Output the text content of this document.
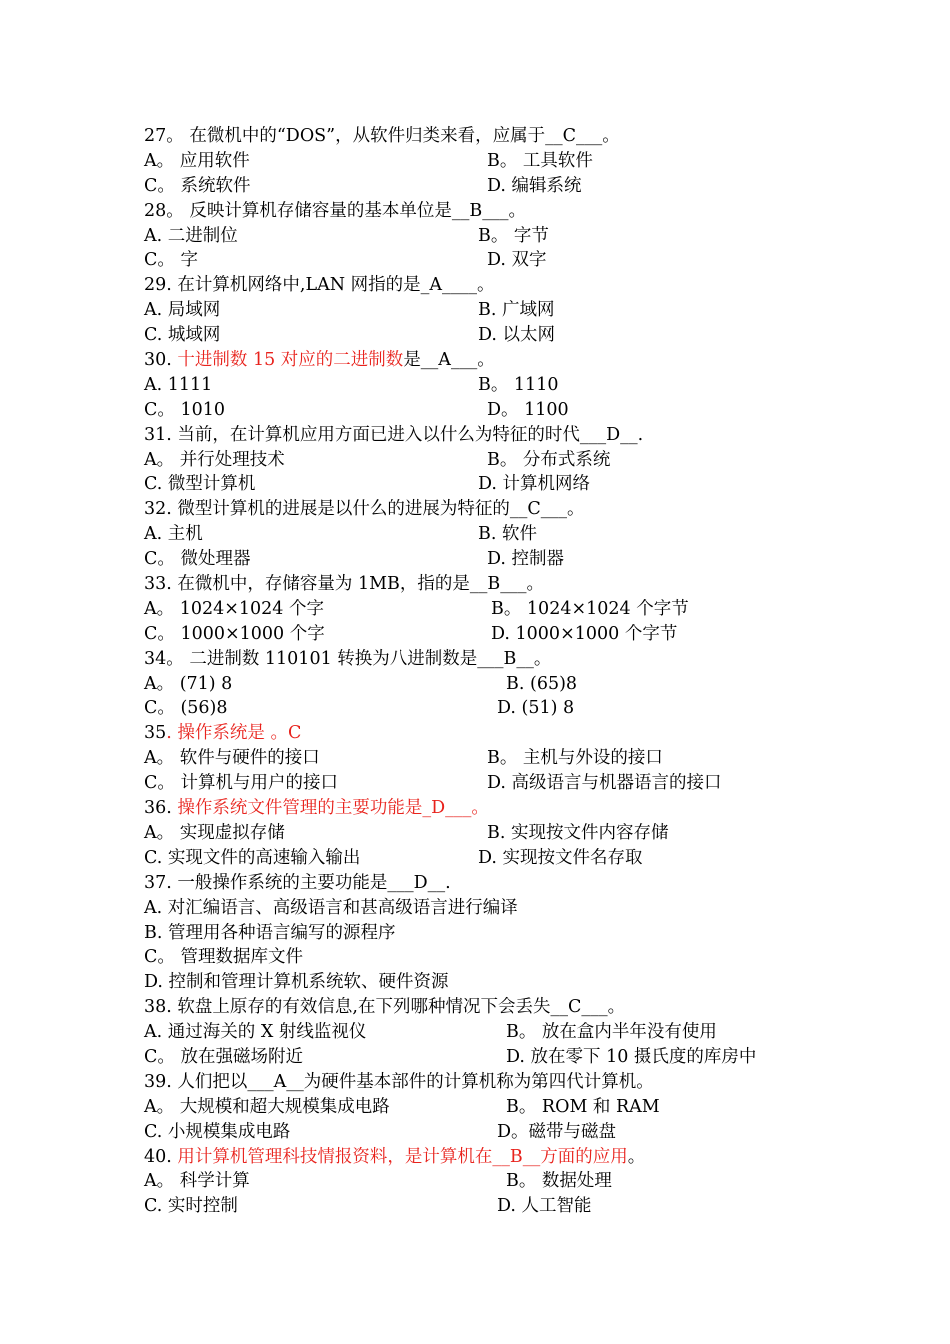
27。 在微机中的“DOS”，从软件归类来看，应属于__C___。
A。 应用软件	B。 工具软件
C。 系统软件	D. 编辑系统
28。 反映计算机存储容量的基本单位是__B___。
A. 二进制位	B。 字节
C。 字	D. 双字
29. 在计算机网络中,LAN 网指的是_A____。
A. 局域网	B. 广域网
C. 城域网	D. 以太网
30. 十进制数 15 对应的二进制数是__A___。
A. 1111	B。 1110
C。 1010	D。 1100
31. 当前，在计算机应用方面已进入以什么为特征的时代___D__.
A。 并行处理技术	B。 分布式系统
C. 微型计算机	D. 计算机网络
32. 微型计算机的进展是以什么的进展为特征的__C___。
A. 主机	B. 软件
C。 微处理器	D. 控制器
33. 在微机中，存储容量为 1MB，指的是__B___。
A。 1024×1024 个字	B。 1024×1024 个字节
C。 1000×1000 个字	D. 1000×1000 个字节
34。 二进制数 110101 转换为八进制数是___B__。
A。 (71) 8	B. (65)8
C。 (56)8	D. (51) 8
35. 操作系统是 。C
A。 软件与硬件的接口	B。 主机与外设的接口
C。 计算机与用户的接口	D. 高级语言与机器语言的接口
36. 操作系统文件管理的主要功能是_D___。
A。 实现虚拟存储	B. 实现按文件内容存储
C. 实现文件的高速输入输出	D. 实现按文件名存取
37. 一般操作系统的主要功能是___D__.
A. 对汇编语言、高级语言和甚高级语言进行编译
B. 管理用各种语言编写的源程序
C。 管理数据库文件
D. 控制和管理计算机系统软、硬件资源
38. 软盘上原存的有效信息,在下列哪种情况下会丢失__C___。
A. 通过海关的 X 射线监视仪	B。 放在盒内半年没有使用
C。 放在强磁场附近	D. 放在零下 10 摄氏度的库房中
39. 人们把以___A__为硬件基本部件的计算机称为第四代计算机。
A。 大规模和超大规模集成电路	B。 ROM 和 RAM
C. 小规模集成电路	D。磁带与磁盘
40. 用计算机管理科技情报资料，是计算机在__B__方面的应用。
A。 科学计算	B。 数据处理
C. 实时控制	D. 人工智能
